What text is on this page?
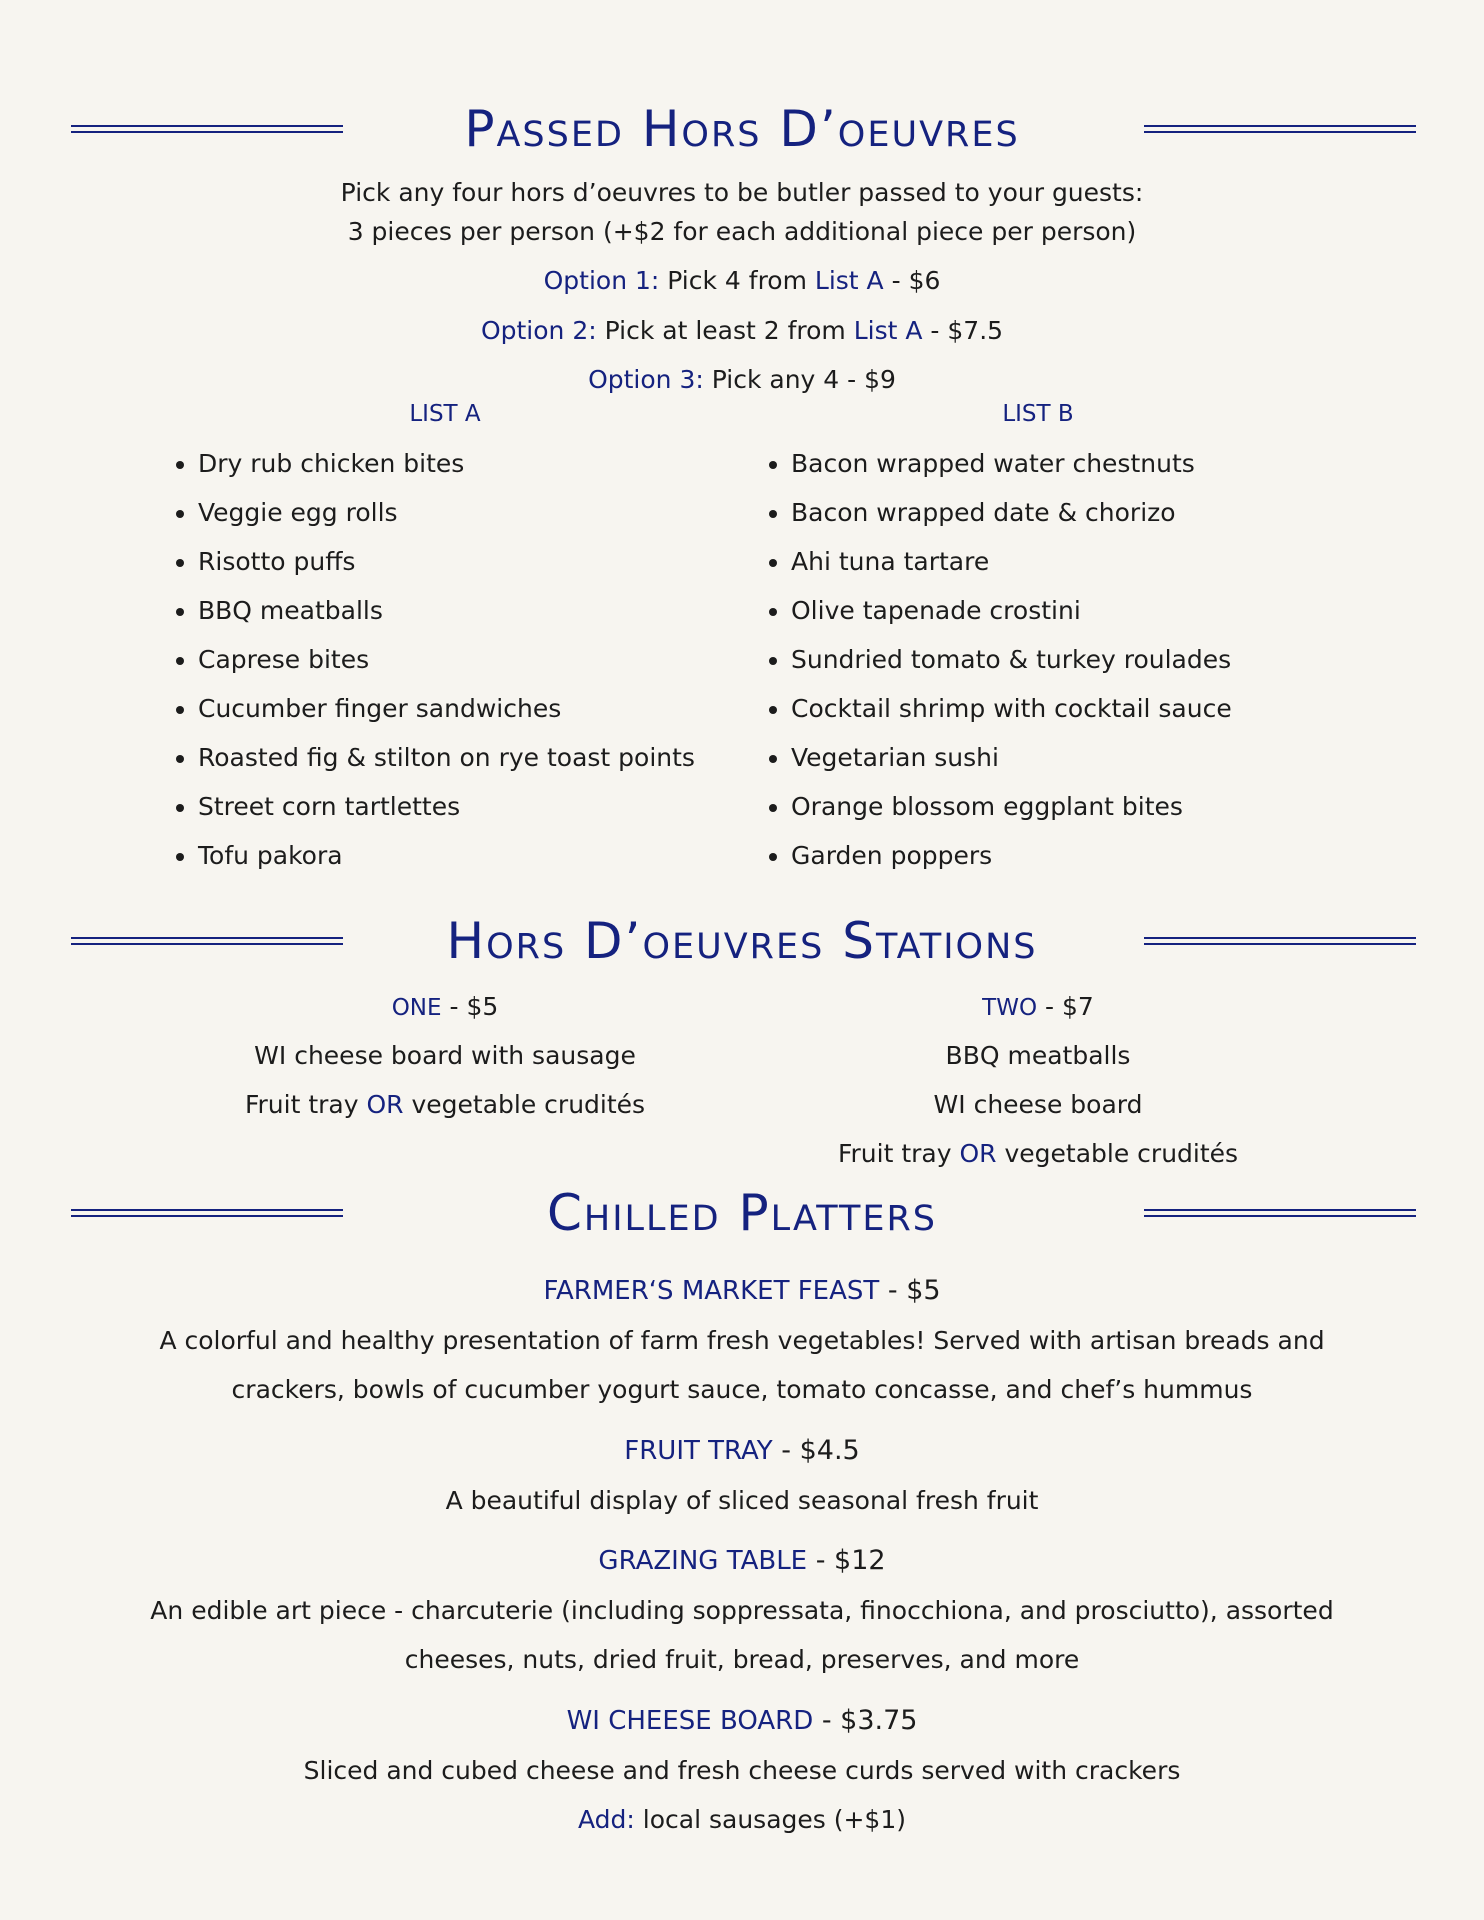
Passed Hors D’oeuvres
Pick any four hors d’oeuvres to be butler passed to your guests:
3 pieces per person (+$2 for each additional piece per person)
Option 1: Pick 4 from List A - $6
Option 2: Pick at least 2 from List A - $7.5
Option 3: Pick any 4 - $9
LIST A	LIST B
• Dry rub chicken bites
• Veggie egg rolls
• Risotto puffs
• BBQ meatballs
• Caprese bites
• Cucumber finger sandwiches
• Roasted fig & stilton on rye toast points
• Street corn tartlettes
• Tofu pakora
• Bacon wrapped water chestnuts
• Bacon wrapped date & chorizo
• Ahi tuna tartare
• Olive tapenade crostini
• Sundried tomato & turkey roulades
• Cocktail shrimp with cocktail sauce
• Vegetarian sushi
• Orange blossom eggplant bites
• Garden poppers
Hors D’oeuvres Stations
ONE - $5
WI cheese board with sausage
Fruit tray OR vegetable crudités
TWO - $7
BBQ meatballs
WI cheese board
Fruit tray OR vegetable crudités
Chilled Platters
FARMER‘S MARKET FEAST - $5
A colorful and healthy presentation of farm fresh vegetables! Served with artisan breads and
crackers, bowls of cucumber yogurt sauce, tomato concasse, and chef’s hummus
FRUIT TRAY - $4.5
A beautiful display of sliced seasonal fresh fruit
GRAZING TABLE - $12
An edible art piece - charcuterie (including soppressata, finocchiona, and prosciutto), assorted
cheeses, nuts, dried fruit, bread, preserves, and more
WI CHEESE BOARD - $3.75
Sliced and cubed cheese and fresh cheese curds served with crackers
Add: local sausages (+$1)
